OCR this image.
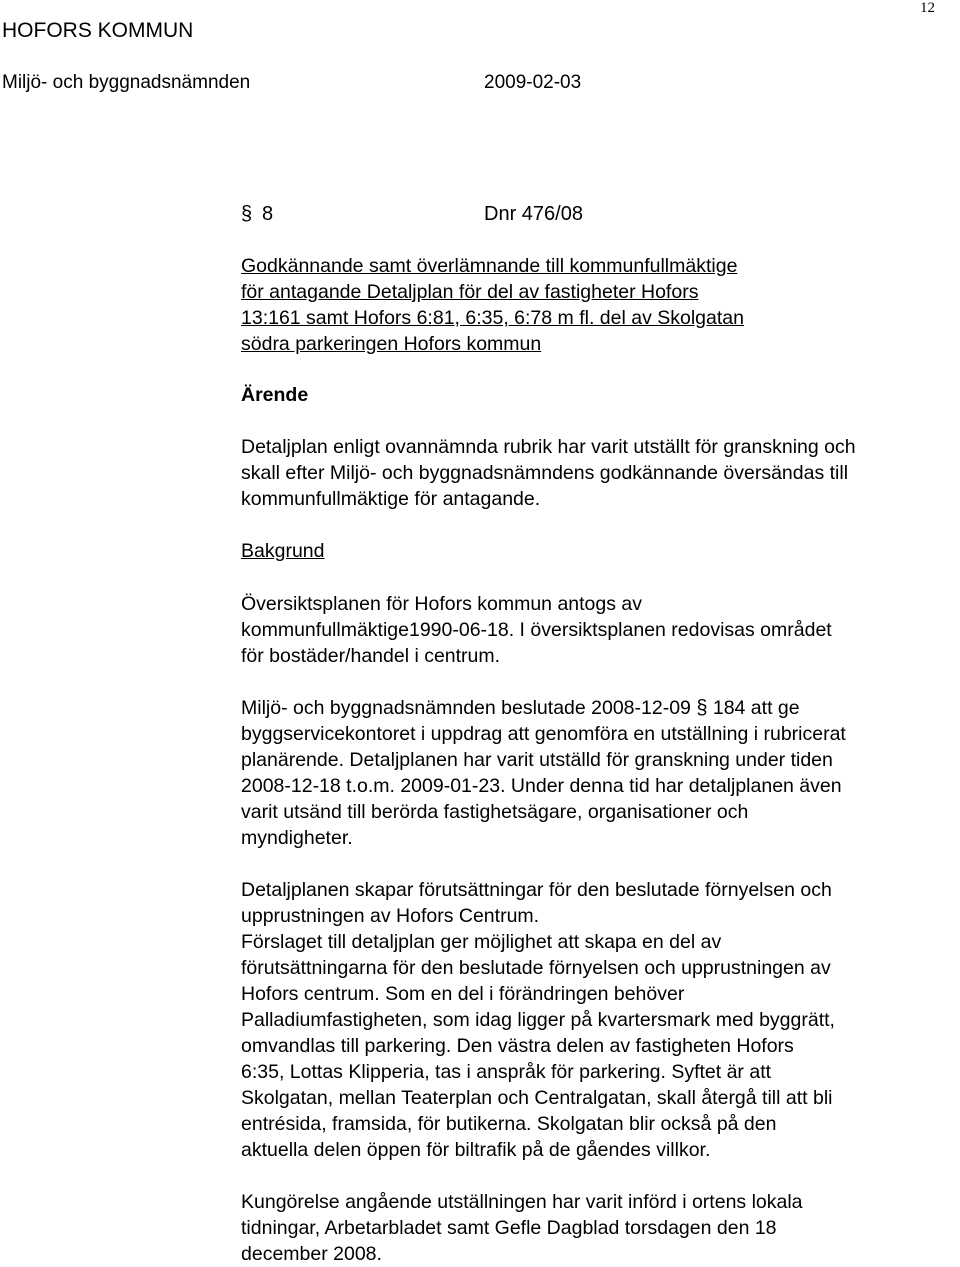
HOFORS KOMMUN
12
Miljö- och byggnadsnämnden	2009-02-03
§ 8	Dnr 476/08
Godkännande samt överlämnande till kommunfullmäktige
för antagande Detaljplan för del av fastigheter Hofors
13:161 samt Hofors 6:81, 6:35, 6:78 m fl. del av Skolgatan
södra parkeringen Hofors kommun
Ärende
Detaljplan enligt ovannämnda rubrik har varit utställt för granskning och
skall efter Miljö- och byggnadsnämndens godkännande översändas till
kommunfullmäktige för antagande.
Bakgrund
Översiktsplanen för Hofors kommun antogs av
kommunfullmäktige1990-06-18. I översiktsplanen redovisas området
för bostäder/handel i centrum.
Miljö- och byggnadsnämnden beslutade 2008-12-09 § 184 att ge
byggservicekontoret i uppdrag att genomföra en utställning i rubricerat
planärende. Detaljplanen har varit utställd för granskning under tiden
2008-12-18 t.o.m. 2009-01-23. Under denna tid har detaljplanen även
varit utsänd till berörda fastighetsägare, organisationer och
myndigheter.
Detaljplanen skapar förutsättningar för den beslutade förnyelsen och
upprustningen av Hofors Centrum.
Förslaget till detaljplan ger möjlighet att skapa en del av
förutsättningarna för den beslutade förnyelsen och upprustningen av
Hofors centrum. Som en del i förändringen behöver
Palladiumfastigheten, som idag ligger på kvartersmark med byggrätt,
omvandlas till parkering. Den västra delen av fastigheten Hofors
6:35, Lottas Klipperia, tas i anspråk för parkering. Syftet är att
Skolgatan, mellan Teaterplan och Centralgatan, skall återgå till att bli
entrésida, framsida, för butikerna. Skolgatan blir också på den
aktuella delen öppen för biltrafik på de gåendes villkor.
Kungörelse angående utställningen har varit införd i ortens lokala
tidningar, Arbetarbladet samt Gefle Dagblad torsdagen den 18
december 2008.
